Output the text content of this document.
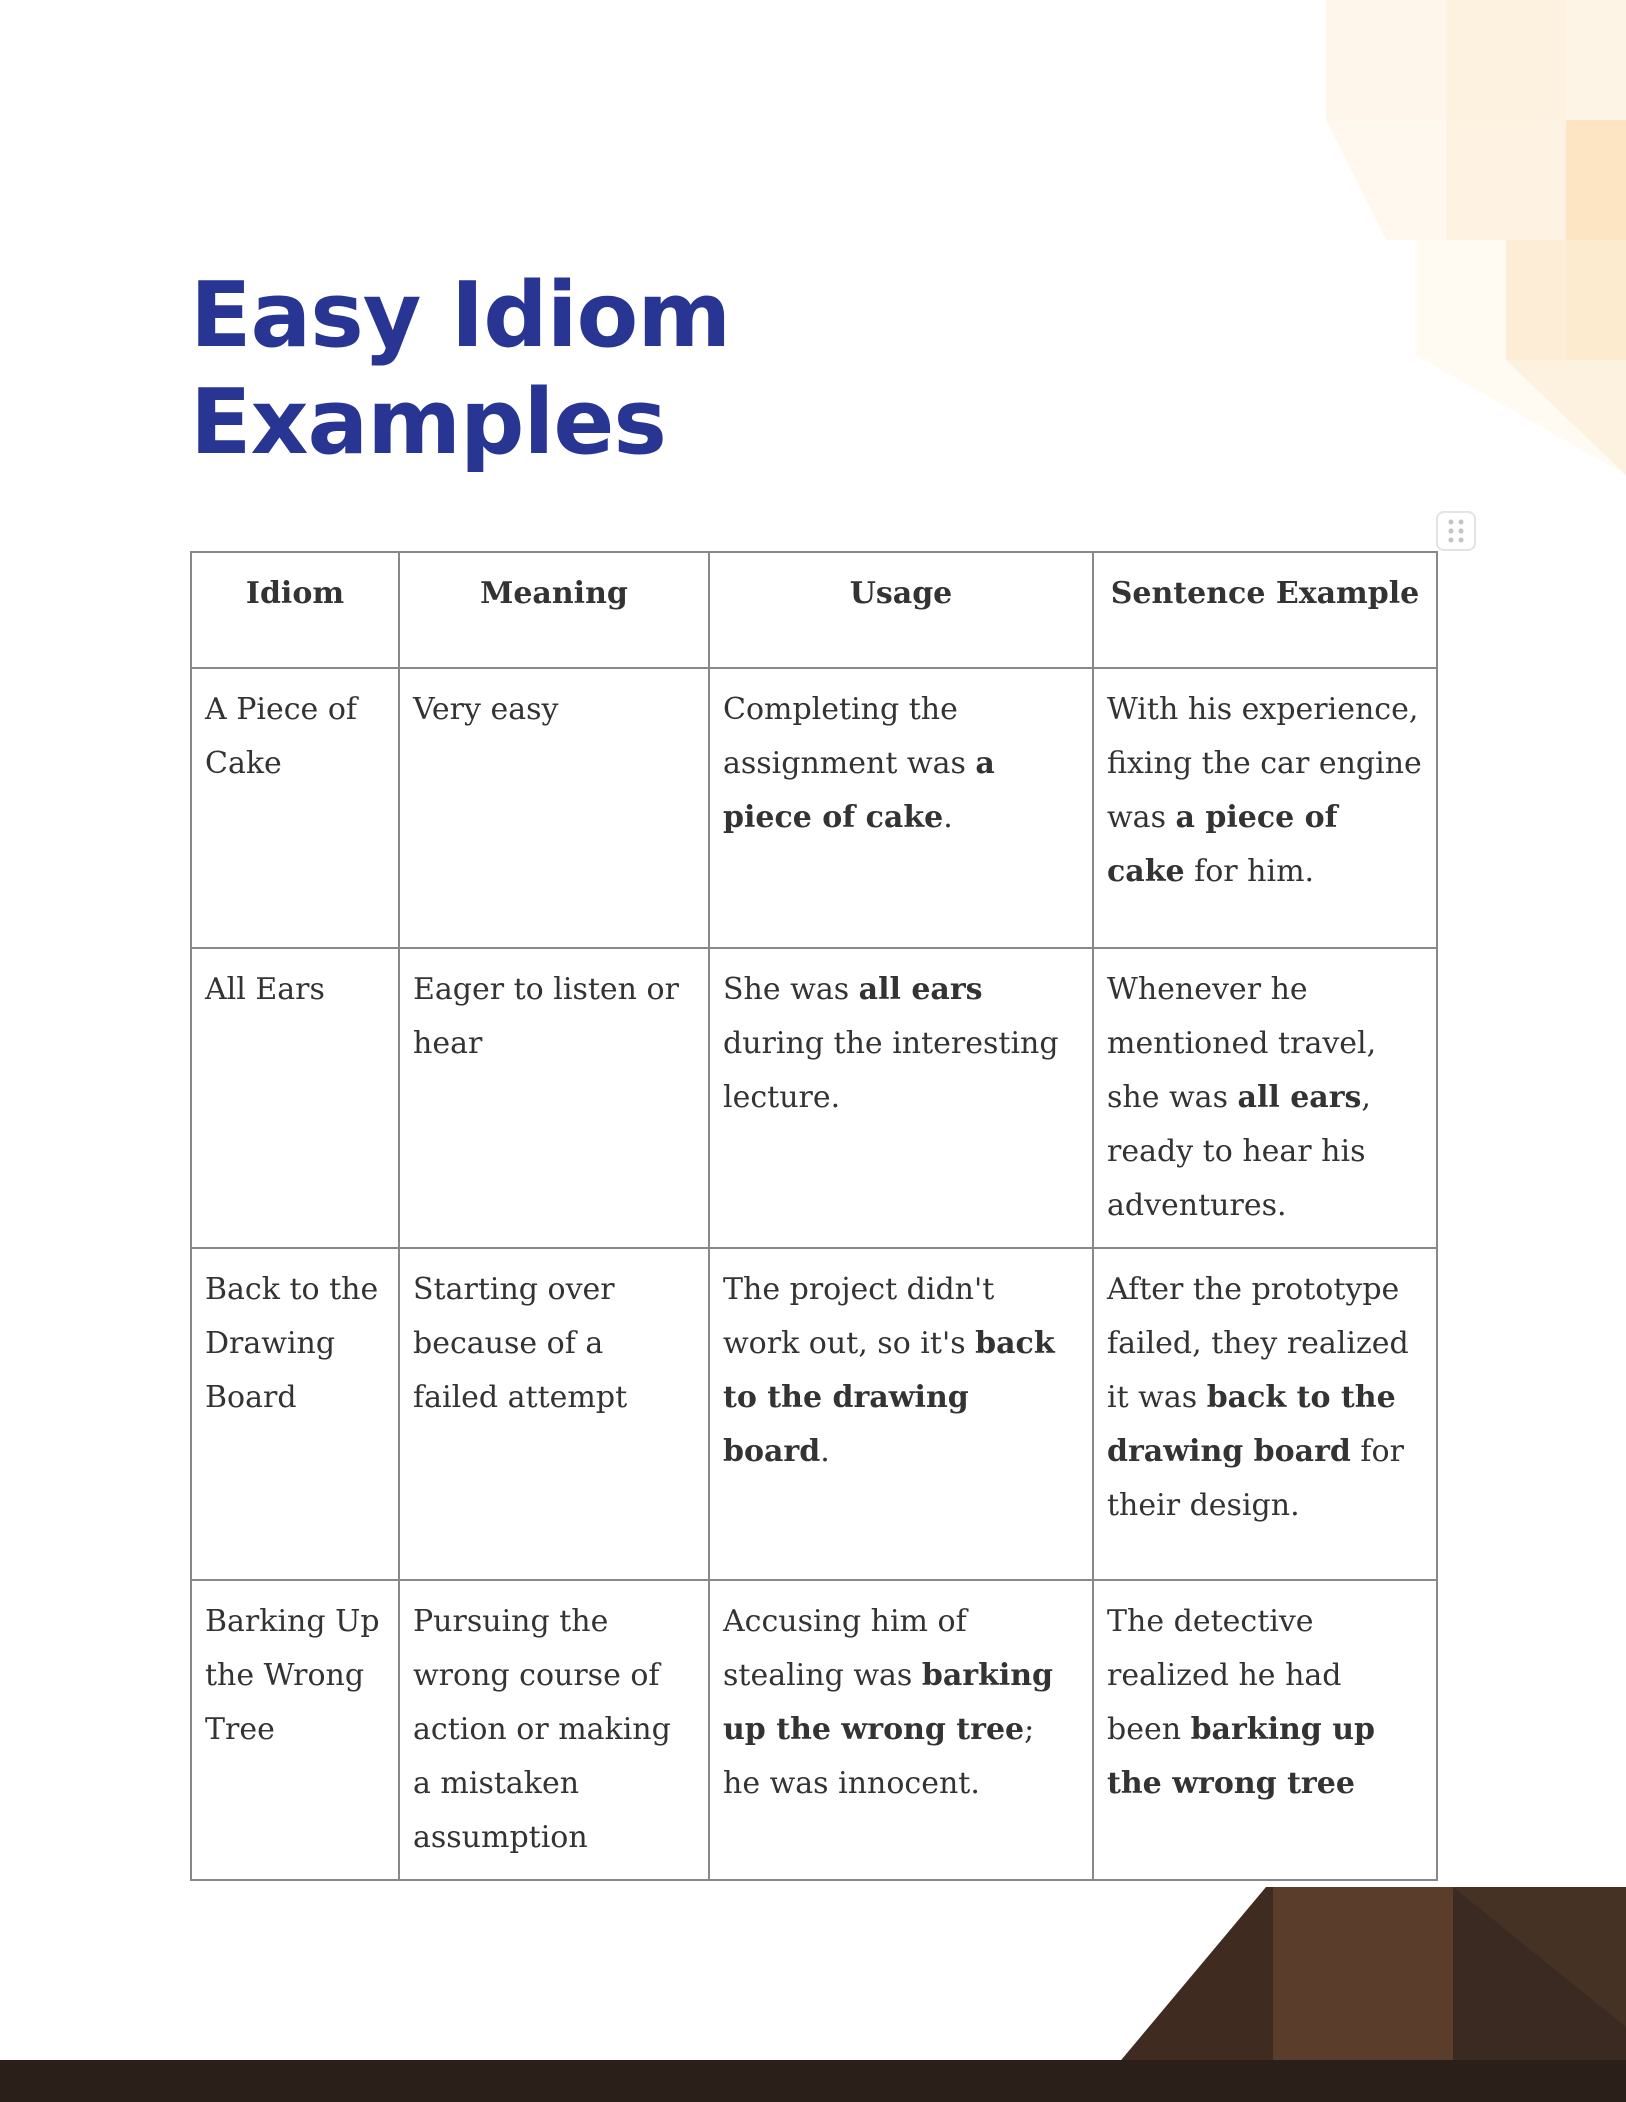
Easy Idiom
Examples
Idiom	Meaning	Usage	Sentence Example
A Piece of Cake	Very easy	Completing the assignment was a piece of cake.	With his experience, fixing the car engine was a piece of cake for him.
All Ears	Eager to listen or hear	She was all ears during the interesting lecture.	Whenever he mentioned travel, she was all ears, ready to hear his adventures.
Back to the Drawing Board	Starting over because of a failed attempt	The project didn't work out, so it's back to the drawing board.	After the prototype failed, they realized it was back to the drawing board for their design.
Barking Up the Wrong Tree	Pursuing the wrong course of action or making a mistaken assumption	Accusing him of stealing was barking up the wrong tree; he was innocent.	The detective realized he had been barking up the wrong tree
